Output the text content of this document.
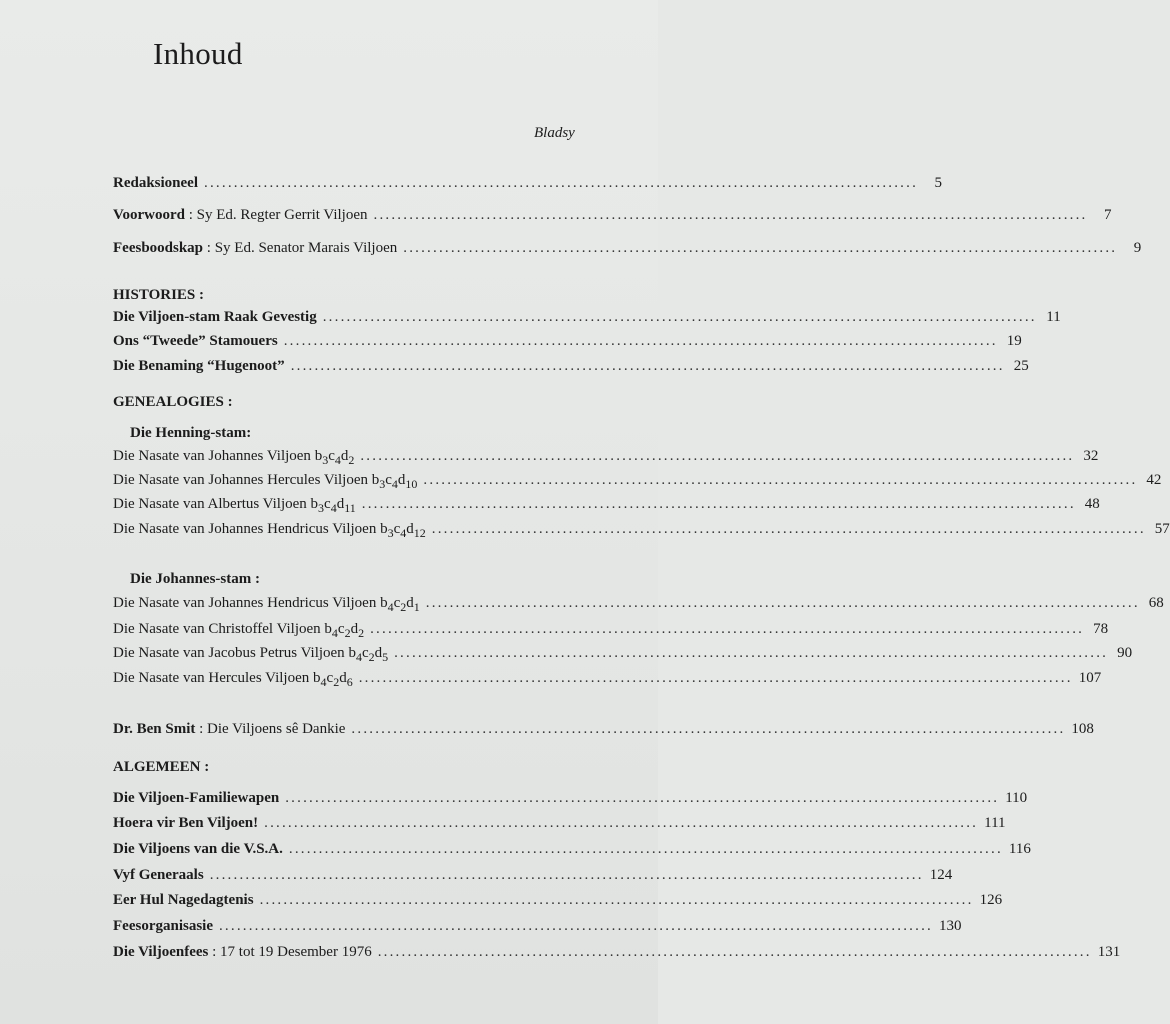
Inhoud
Bladsy
Redaksioneel ........................................................................................................................	5
Voorwoord : Sy Ed. Regter Gerrit Viljoen ........................................................................................................................	7
Feesboodskap : Sy Ed. Senator Marais Viljoen ........................................................................................................................	9
HISTORIES :
Die Viljoen-stam Raak Gevestig ........................................................................................................................ 11
Ons “Tweede” Stamouers ........................................................................................................................ 19
Die Benaming “Hugenoot” ........................................................................................................................ 25
GENEALOGIES :
Die Henning-stam:
Die Nasate van Johannes Viljoen $b_3c_4d_2$ ........................................................................................................................ 32
Die Nasate van Johannes Hercules Viljoen $b_3c_4d_{10}$ ........................................................................................................................ 42
Die Nasate van Albertus Viljoen $b_3c_4d_{11}$ ........................................................................................................................ 48
Die Nasate van Johannes Hendricus Viljoen $b_3c_4d_{12}$ ........................................................................................................................ 57
Die Johannes-stam :
Die Nasate van Johannes Hendricus Viljoen $b_4c_2d_1$ ........................................................................................................................ 68
Die Nasate van Christoffel Viljoen $b_4c_2d_2$ ........................................................................................................................ 78
Die Nasate van Jacobus Petrus Viljoen $b_4c_2d_5$ ........................................................................................................................ 90
Die Nasate van Hercules Viljoen $b_4c_2d_6$ ........................................................................................................................ 107
Dr. Ben Smit : Die Viljoens sê Dankie ........................................................................................................................ 108
ALGEMEEN :
Die Viljoen-Familiewapen ........................................................................................................................ 110
Hoera vir Ben Viljoen! ........................................................................................................................ 111
Die Viljoens van die V.S.A. ........................................................................................................................ 116
Vyf Generaals ........................................................................................................................ 124
Eer Hul Nagedagtenis ........................................................................................................................ 126
Feesorganisasie ........................................................................................................................ 130
Die Viljoenfees : 17 tot 19 Desember 1976 ........................................................................................................................ 131
